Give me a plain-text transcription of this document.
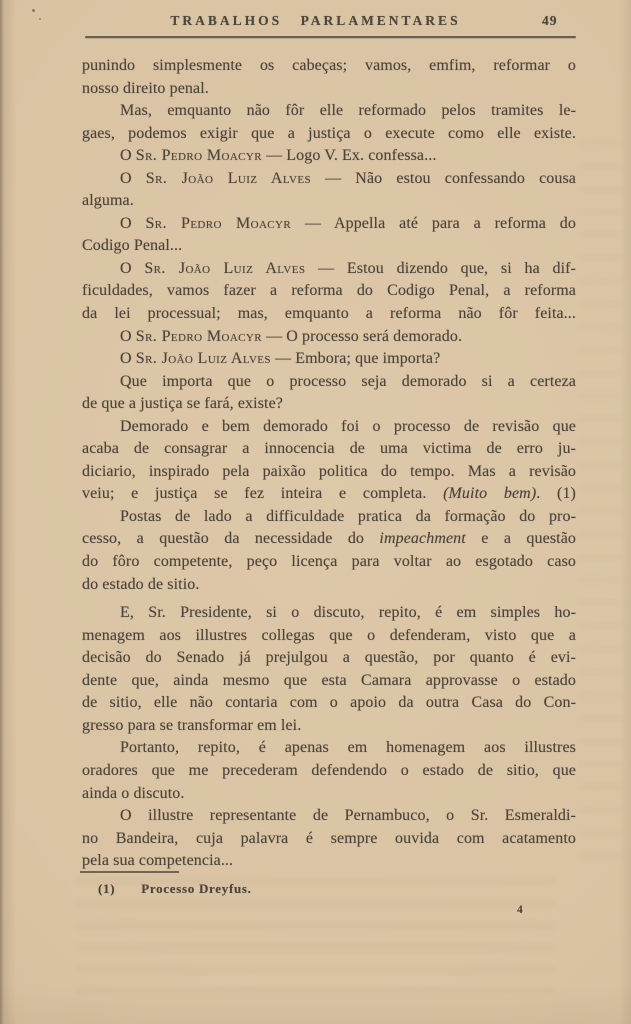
TRABALHOS PARLAMENTARES	49
punindo simplesmente os cabeças; vamos, emfim, reformar o
nosso direito penal.
Mas, emquanto não fôr elle reformado pelos tramites le-
gaes, podemos exigir que a justiça o execute como elle existe.
O Sr. Pedro Moacyr — Logo V. Ex. confessa...
O Sr. João Luiz Alves — Não estou confessando cousa
alguma.
O Sr. Pedro Moacyr — Appella até para a reforma do
Codigo Penal...
O Sr. João Luiz Alves — Estou dizendo que, si ha dif-
ficuldades, vamos fazer a reforma do Codigo Penal, a reforma
da lei processual; mas, emquanto a reforma não fôr feita...
O Sr. Pedro Moacyr — O processo será demorado.
O Sr. João Luiz Alves — Embora; que importa?
Que importa que o processo seja demorado si a certeza
de que a justiça se fará, existe?
Demorado e bem demorado foi o processo de revisão que
acaba de consagrar a innocencia de uma victima de erro ju-
diciario, inspirado pela paixão politica do tempo. Mas a revisão
veiu; e justiça se fez inteira e completa. (Muito bem). (1)
Postas de lado a difficuldade pratica da formação do pro-
cesso, a questão da necessidade do impeachment e a questão
do fôro competente, peço licença para voltar ao esgotado caso
do estado de sitio.
E, Sr. Presidente, si o discuto, repito, é em simples ho-
menagem aos illustres collegas que o defenderam, visto que a
decisão do Senado já prejulgou a questão, por quanto é evi-
dente que, ainda mesmo que esta Camara approvasse o estado
de sitio, elle não contaria com o apoio da outra Casa do Con-
gresso para se transformar em lei.
Portanto, repito, é apenas em homenagem aos illustres
oradores que me precederam defendendo o estado de sitio, que
ainda o discuto.
O illustre representante de Pernambuco, o Sr. Esmeraldi-
no Bandeira, cuja palavra é sempre ouvida com acatamento
pela sua competencia...
(1) Processo Dreyfus.
4
